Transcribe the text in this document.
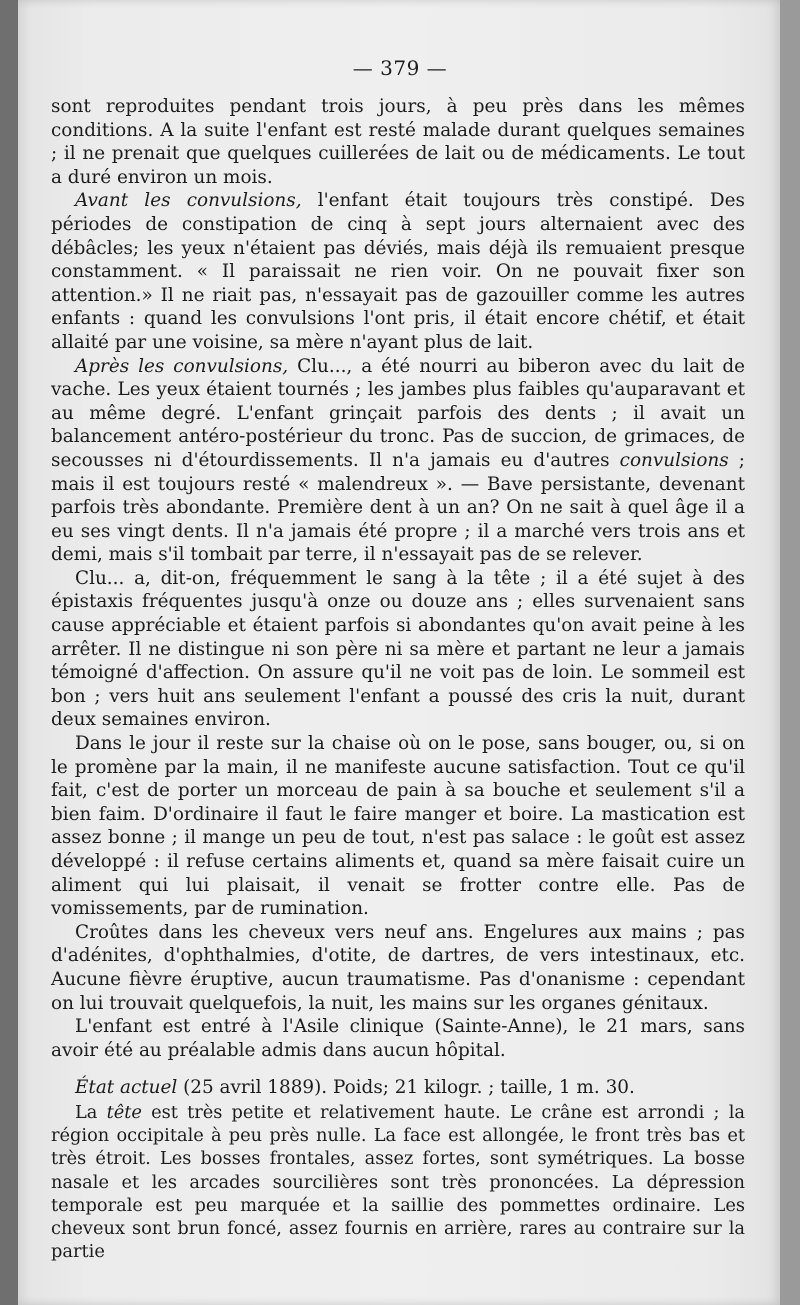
— 379 —

sont reproduites pendant trois jours, à peu près dans les mêmes conditions. A la suite l'enfant est resté malade durant quelques semaines ; il ne prenait que quelques cuillerées de lait ou de médicaments. Le tout a duré environ un mois.

Avant les convulsions, l'enfant était toujours très constipé. Des périodes de constipation de cinq à sept jours alternaient avec des débâcles; les yeux n'étaient pas déviés, mais déjà ils remuaient presque constamment. « Il paraissait ne rien voir. On ne pouvait fixer son attention.» Il ne riait pas, n'essayait pas de gazouiller comme les autres enfants : quand les convulsions l'ont pris, il était encore chétif, et était allaité par une voisine, sa mère n'ayant plus de lait.

Après les convulsions, Clu..., a été nourri au biberon avec du lait de vache. Les yeux étaient tournés ; les jambes plus faibles qu'auparavant et au même degré. L'enfant grinçait parfois des dents ; il avait un balancement antéro-postérieur du tronc. Pas de succion, de grimaces, de secousses ni d'étourdissements. Il n'a jamais eu d'autres convulsions ; mais il est toujours resté « malendreux ». — Bave persistante, devenant parfois très abondante. Première dent à un an? On ne sait à quel âge il a eu ses vingt dents. Il n'a jamais été propre ; il a marché vers trois ans et demi, mais s'il tombait par terre, il n'essayait pas de se relever.

Clu... a, dit-on, fréquemment le sang à la tête ; il a été sujet à des épistaxis fréquentes jusqu'à onze ou douze ans ; elles survenaient sans cause appréciable et étaient parfois si abondantes qu'on avait peine à les arrêter. Il ne distingue ni son père ni sa mère et partant ne leur a jamais témoigné d'affection. On assure qu'il ne voit pas de loin. Le sommeil est bon ; vers huit ans seulement l'enfant a poussé des cris la nuit, durant deux semaines environ.

Dans le jour il reste sur la chaise où on le pose, sans bouger, ou, si on le promène par la main, il ne manifeste aucune satisfaction. Tout ce qu'il fait, c'est de porter un morceau de pain à sa bouche et seulement s'il a bien faim. D'ordinaire il faut le faire manger et boire. La mastication est assez bonne ; il mange un peu de tout, n'est pas salace : le goût est assez développé : il refuse certains aliments et, quand sa mère faisait cuire un aliment qui lui plaisait, il venait se frotter contre elle. Pas de vomissements, par de rumination.

Croûtes dans les cheveux vers neuf ans. Engelures aux mains ; pas d'adénites, d'ophthalmies, d'otite, de dartres, de vers intestinaux, etc. Aucune fièvre éruptive, aucun traumatisme. Pas d'onanisme : cependant on lui trouvait quelquefois, la nuit, les mains sur les organes génitaux.

L'enfant est entré à l'Asile clinique (Sainte-Anne), le 21 mars, sans avoir été au préalable admis dans aucun hôpital.

État actuel (25 avril 1889). Poids; 21 kilogr. ; taille, 1 m. 30.

La tête est très petite et relativement haute. Le crâne est arrondi ; la région occipitale à peu près nulle. La face est allongée, le front très bas et très étroit. Les bosses frontales, assez fortes, sont symétriques. La bosse nasale et les arcades sourcilières sont très prononcées. La dépression temporale est peu marquée et la saillie des pommettes ordinaire. Les cheveux sont brun foncé, assez fournis en arrière, rares au contraire sur la partie
